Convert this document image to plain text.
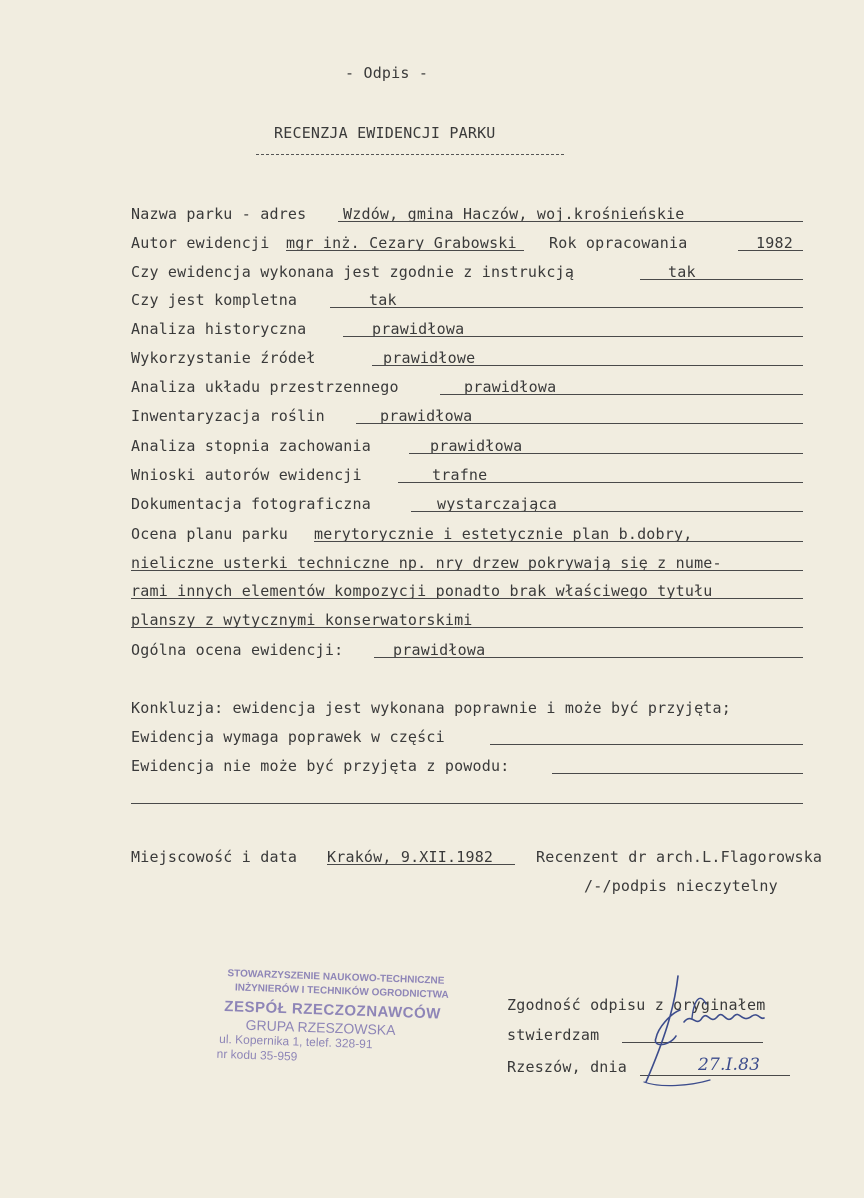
- Odpis -
RECENZJA EWIDENCJI PARKU
Nazwa parku - adres Wzdów, gmina Haczów, woj.krośnieńskie
Autor ewidencji mgr inż. Cezary Grabowski Rok opracowania	1982
Czy ewidencja wykonana jest zgodnie z instrukcją	tak
Czy jest kompletna	tak
Analiza historyczna	prawidłowa
Wykorzystanie źródeł	prawidłowe
Analiza układu przestrzennego	prawidłowa
Inwentaryzacja roślin	prawidłowa
Analiza stopnia zachowania	prawidłowa
Wnioski autorów ewidencji	trafne
Dokumentacja fotograficzna	wystarczająca
Ocena planu parku merytorycznie i estetycznie plan b.dobry,
nieliczne usterki techniczne np. nry drzew pokrywają się z nume-
rami innych elementów kompozycji ponadto brak właściwego tytułu
planszy z wytycznymi konserwatorskimi
Ogólna ocena ewidencji:	prawidłowa
Konkluzja: ewidencja jest wykonana poprawnie i może być przyjęta;
Ewidencja wymaga poprawek w części
Ewidencja nie może być przyjęta z powodu:
Miejscowość i data Kraków, 9.XII.1982	Recenzent dr arch.L.Flagorowska
/-/podpis nieczytelny
STOWARZYSZENIE NAUKOWO-TECHNICZNE
INŻYNIERÓW I TECHNIKÓW OGRODNICTWA
ZESPÓŁ RZECZOZNAWCÓW
GRUPA RZESZOWSKA
ul. Kopernika 1, telef. 328-91
nr kodu 35-959
Zgodność odpisu z oryginałem
stwierdzam
Rzeszów, dnia	27.I.83
